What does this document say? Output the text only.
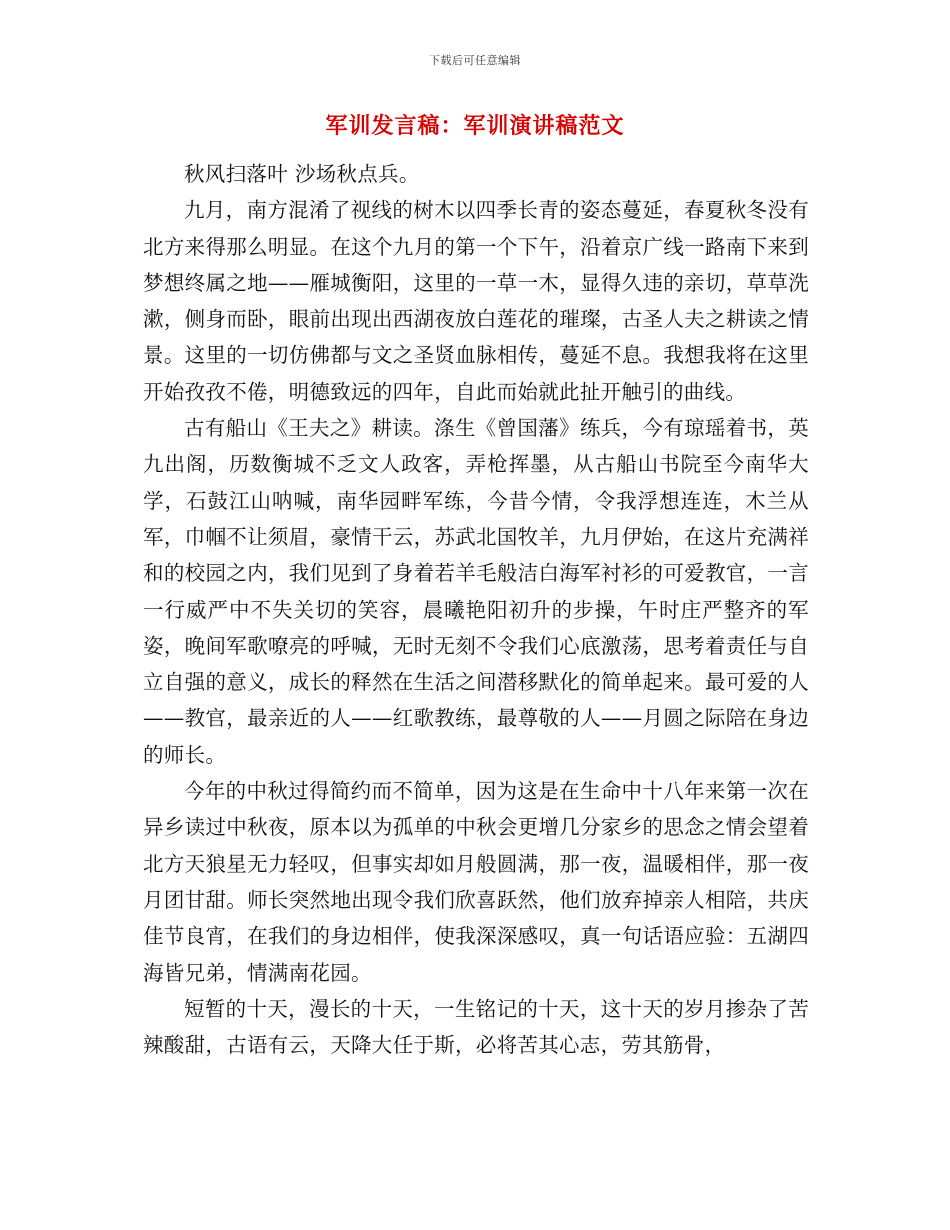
下载后可任意编辑
军训发言稿：军训演讲稿范文

秋风扫落叶 沙场秋点兵。

九月，南方混淆了视线的树木以四季长青的姿态蔓延，春夏秋冬没有北方来得那么明显。在这个九月的第一个下午，沿着京广线一路南下来到梦想终属之地——雁城衡阳，这里的一草一木，显得久违的亲切，草草洗漱，侧身而卧，眼前出现出西湖夜放白莲花的璀璨，古圣人夫之耕读之情景。这里的一切仿佛都与文之圣贤血脉相传，蔓延不息。我想我将在这里开始孜孜不倦，明德致远的四年，自此而始就此扯开触引的曲线。

古有船山《王夫之》耕读。涤生《曾国藩》练兵，今有琼瑶着书，英九出阁，历数衡城不乏文人政客，弄枪挥墨，从古船山书院至今南华大学，石鼓江山呐喊，南华园畔军练，今昔今情，令我浮想连连，木兰从军，巾帼不让须眉，豪情干云，苏武北国牧羊，九月伊始，在这片充满祥和的校园之内，我们见到了身着若羊毛般洁白海军衬衫的可爱教官，一言一行威严中不失关切的笑容，晨曦艳阳初升的步操，午时庄严整齐的军姿，晚间军歌嘹亮的呼喊，无时无刻不令我们心底激荡，思考着责任与自立自强的意义，成长的释然在生活之间潜移默化的简单起来。最可爱的人——教官，最亲近的人——红歌教练，最尊敬的人——月圆之际陪在身边的师长。

今年的中秋过得简约而不简单，因为这是在生命中十八年来第一次在异乡读过中秋夜，原本以为孤单的中秋会更增几分家乡的思念之情会望着北方天狼星无力轻叹，但事实却如月般圆满，那一夜，温暖相伴，那一夜月团甘甜。师长突然地出现令我们欣喜跃然，他们放弃掉亲人相陪，共庆佳节良宵，在我们的身边相伴，使我深深感叹，真一句话语应验：五湖四海皆兄弟，情满南花园。

短暂的十天，漫长的十天，一生铭记的十天，这十天的岁月掺杂了苦辣酸甜，古语有云，天降大任于斯，必将苦其心志，劳其筋骨，
